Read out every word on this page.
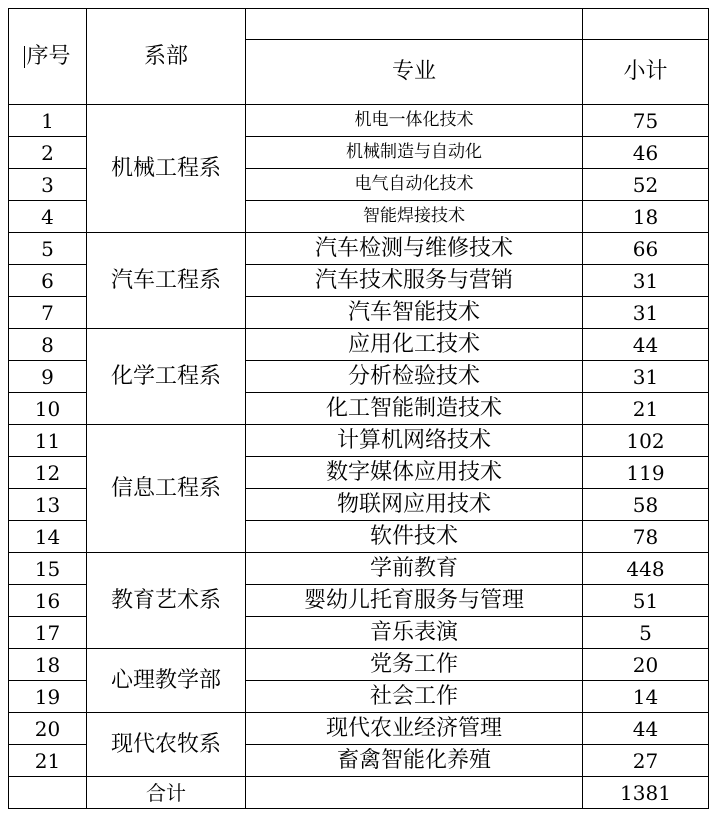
序号	系部		
		专业	小计
1	机械工程系	机电一体化技术	75
2		机械制造与自动化	46
3		电气自动化技术	52
4		智能焊接技术	18
5	汽车工程系	汽车检测与维修技术	66
6		汽车技术服务与营销	31
7		汽车智能技术	31
8	化学工程系	应用化工技术	44
9		分析检验技术	31
10		化工智能制造技术	21
11	信息工程系	计算机网络技术	102
12		数字媒体应用技术	119
13		物联网应用技术	58
14		软件技术	78
15	教育艺术系	学前教育	448
16		婴幼儿托育服务与管理	51
17		音乐表演	5
18	心理教学部	党务工作	20
19		社会工作	14
20	现代农牧系	现代农业经济管理	44
21		畜禽智能化养殖	27
	合计		1381
